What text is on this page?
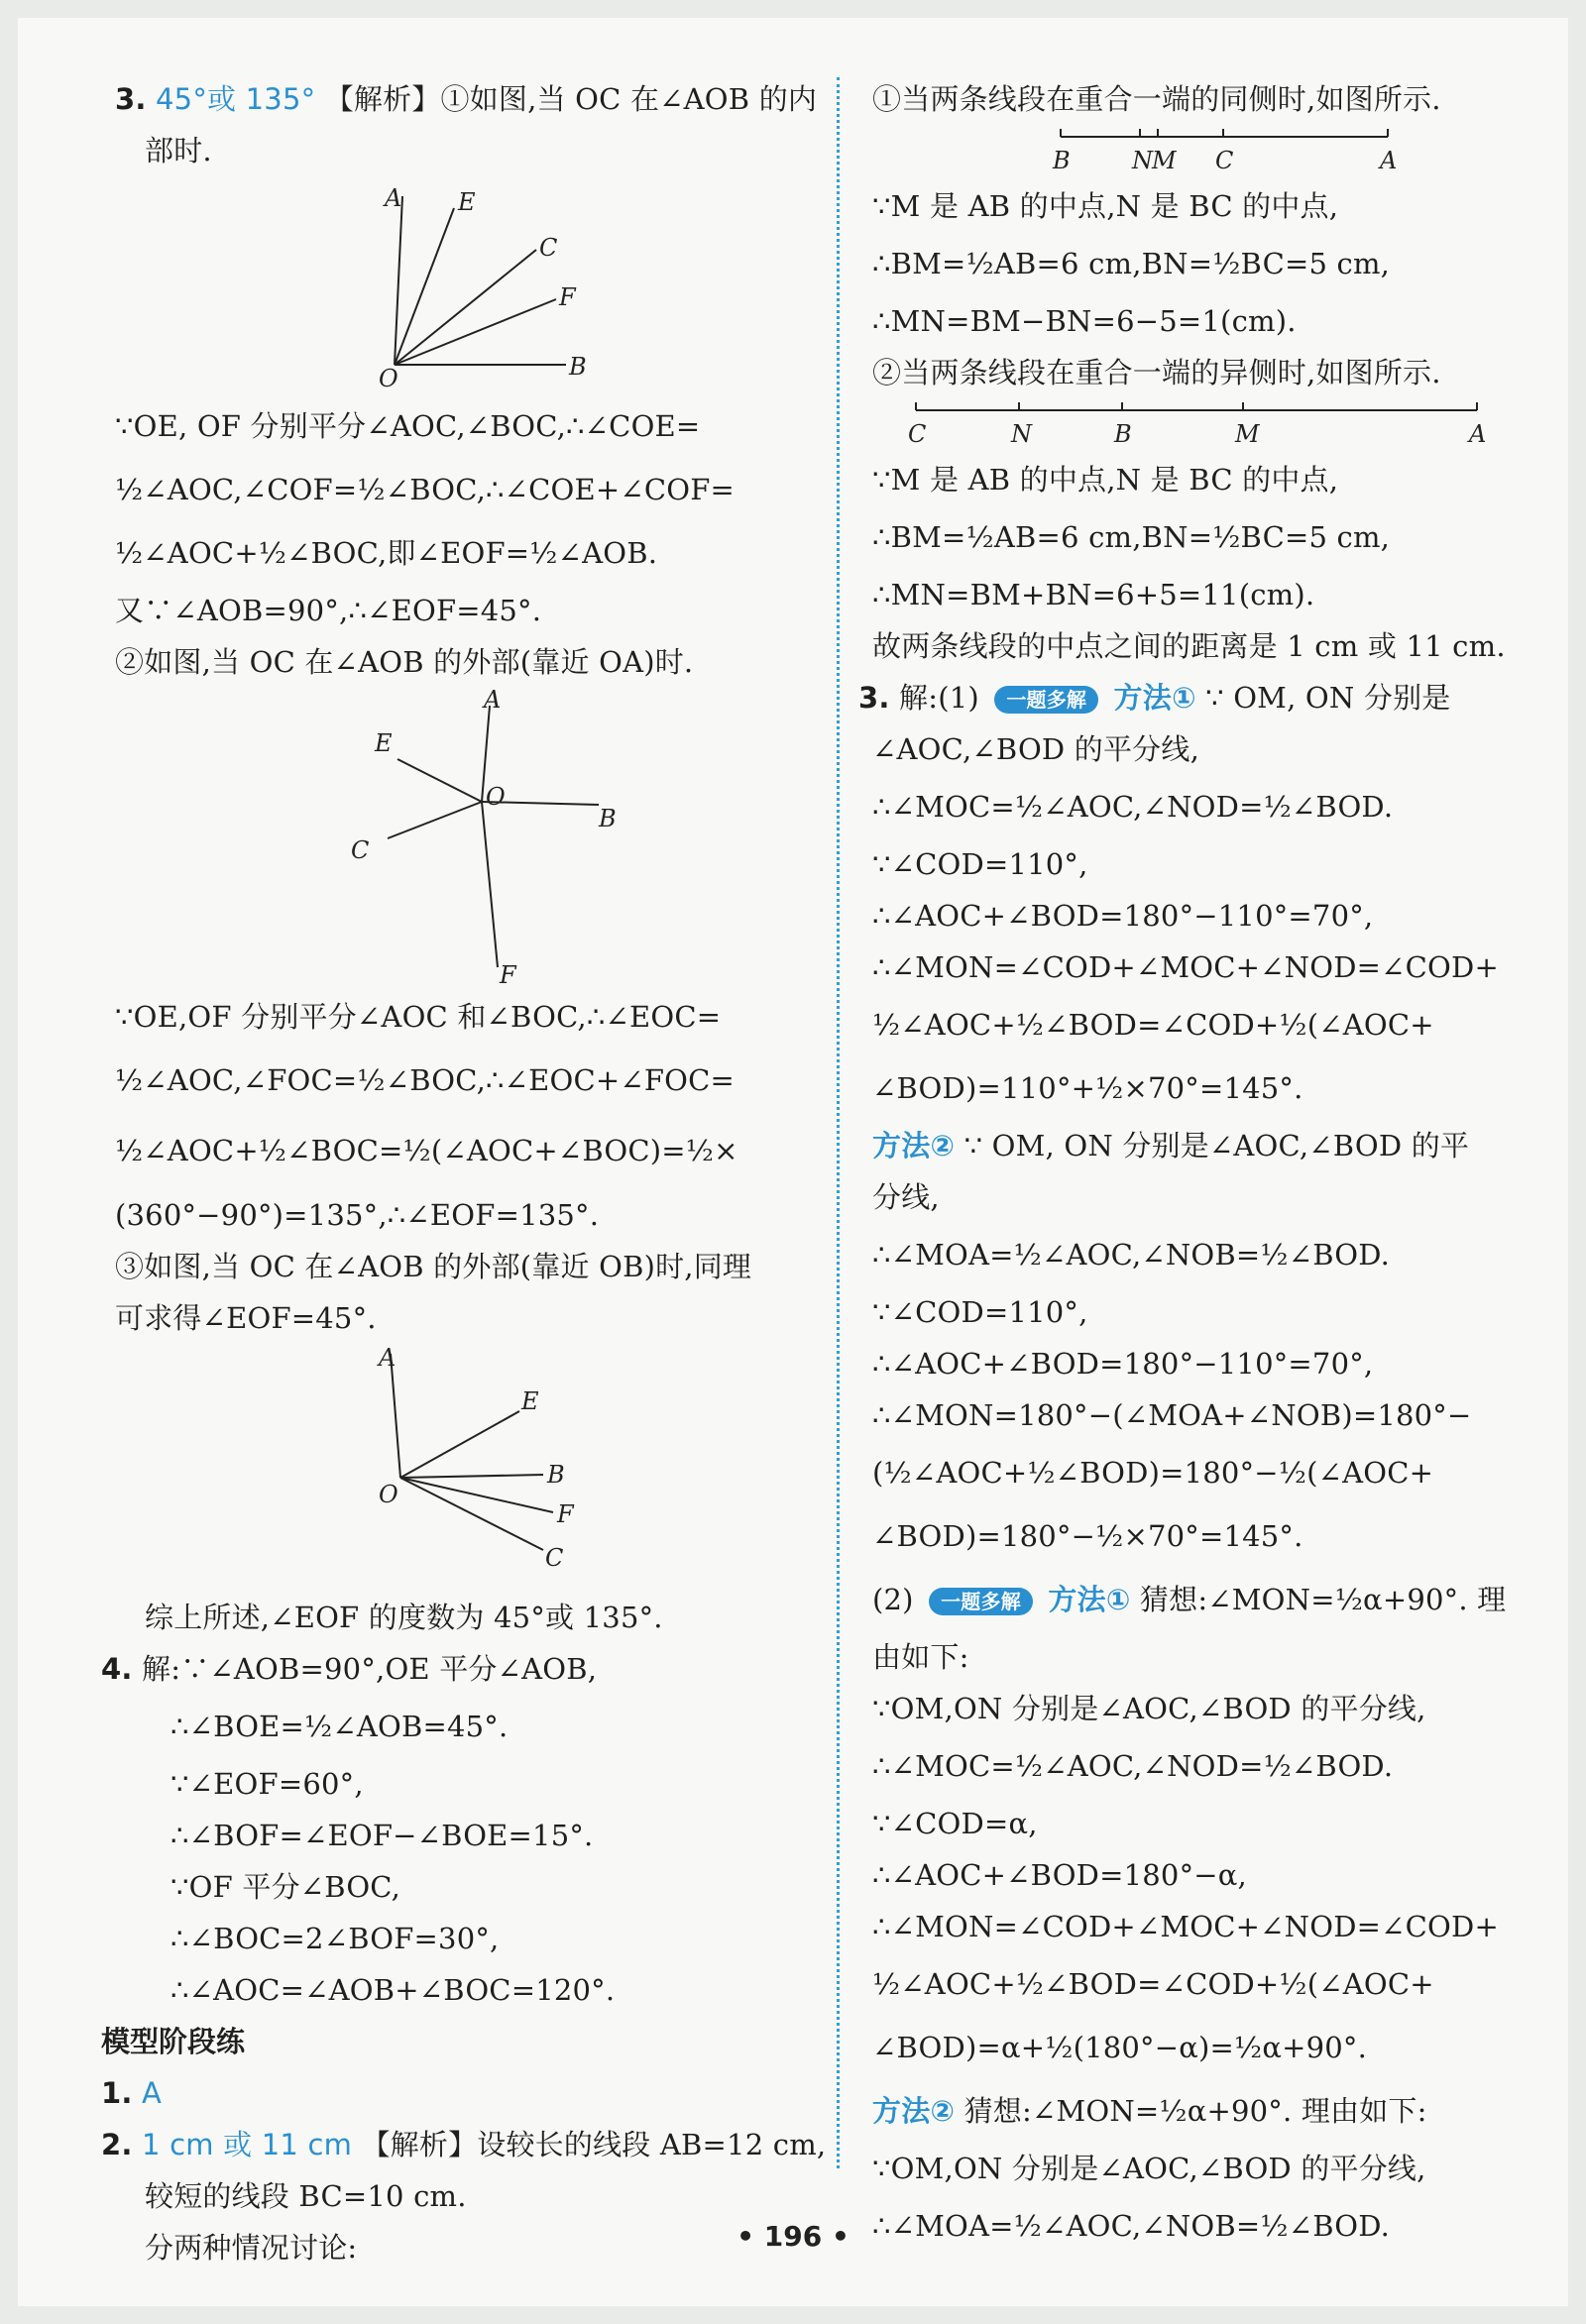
3. 45°或 135° 【解析】①如图,当 OC 在∠AOB 的内
部时.
A E
C
F
O	B
∵OE, OF 分别平分∠AOC,∠BOC,∴∠COE=
½∠AOC,∠COF=½∠BOC,∴∠COE+∠COF=
½∠AOC+½∠BOC,即∠EOF=½∠AOB.
又∵∠AOB=90°,∴∠EOF=45°.
②如图,当 OC 在∠AOB 的外部(靠近 OA)时.
A
E
O
B
C
F
∵OE,OF 分别平分∠AOC 和∠BOC,∴∠EOC=
½∠AOC,∠FOC=½∠BOC,∴∠EOC+∠FOC=
½∠AOC+½∠BOC=½(∠AOC+∠BOC)=½×
(360°−90°)=135°,∴∠EOF=135°.
③如图,当 OC 在∠AOB 的外部(靠近 OB)时,同理
可求得∠EOF=45°.
A
E
O
B
F
C
综上所述,∠EOF 的度数为 45°或 135°.
4. 解:∵∠AOB=90°,OE 平分∠AOB,
∴∠BOE=½∠AOB=45°.
∵∠EOF=60°,
∴∠BOF=∠EOF−∠BOE=15°.
∵OF 平分∠BOC,
∴∠BOC=2∠BOF=30°,
∴∠AOC=∠AOB+∠BOC=120°.
模型阶段练
1. A
2. 1 cm 或 11 cm 【解析】设较长的线段 AB=12 cm,
较短的线段 BC=10 cm.
分两种情况讨论:
①当两条线段在重合一端的同侧时,如图所示.
B	N M C	A
∵M 是 AB 的中点,N 是 BC 的中点,
∴BM=½AB=6 cm,BN=½BC=5 cm,
∴MN=BM−BN=6−5=1(cm).
②当两条线段在重合一端的异侧时,如图所示.
C	N	B	M	A
∵M 是 AB 的中点,N 是 BC 的中点,
∴BM=½AB=6 cm,BN=½BC=5 cm,
∴MN=BM+BN=6+5=11(cm).
故两条线段的中点之间的距离是 1 cm 或 11 cm.
3. 解:(1) 一题多解 方法① ∵ OM, ON 分别是
∠AOC,∠BOD 的平分线,
∴∠MOC=½∠AOC,∠NOD=½∠BOD.
∵∠COD=110°,
∴∠AOC+∠BOD=180°−110°=70°,
∴∠MON=∠COD+∠MOC+∠NOD=∠COD+
½∠AOC+½∠BOD=∠COD+½(∠AOC+
∠BOD)=110°+½×70°=145°.
方法② ∵ OM, ON 分别是∠AOC,∠BOD 的平
分线,
∴∠MOA=½∠AOC,∠NOB=½∠BOD.
∵∠COD=110°,
∴∠AOC+∠BOD=180°−110°=70°,
∴∠MON=180°−(∠MOA+∠NOB)=180°−
(½∠AOC+½∠BOD)=180°−½(∠AOC+
∠BOD)=180°−½×70°=145°.
(2) 一题多解 方法① 猜想:∠MON=½α+90°. 理
由如下:
∵OM,ON 分别是∠AOC,∠BOD 的平分线,
∴∠MOC=½∠AOC,∠NOD=½∠BOD.
∵∠COD=α,
∴∠AOC+∠BOD=180°−α,
∴∠MON=∠COD+∠MOC+∠NOD=∠COD+
½∠AOC+½∠BOD=∠COD+½(∠AOC+
∠BOD)=α+½(180°−α)=½α+90°.
方法② 猜想:∠MON=½α+90°. 理由如下:
∵OM,ON 分别是∠AOC,∠BOD 的平分线,
∴∠MOA=½∠AOC,∠NOB=½∠BOD.
• 196 •
